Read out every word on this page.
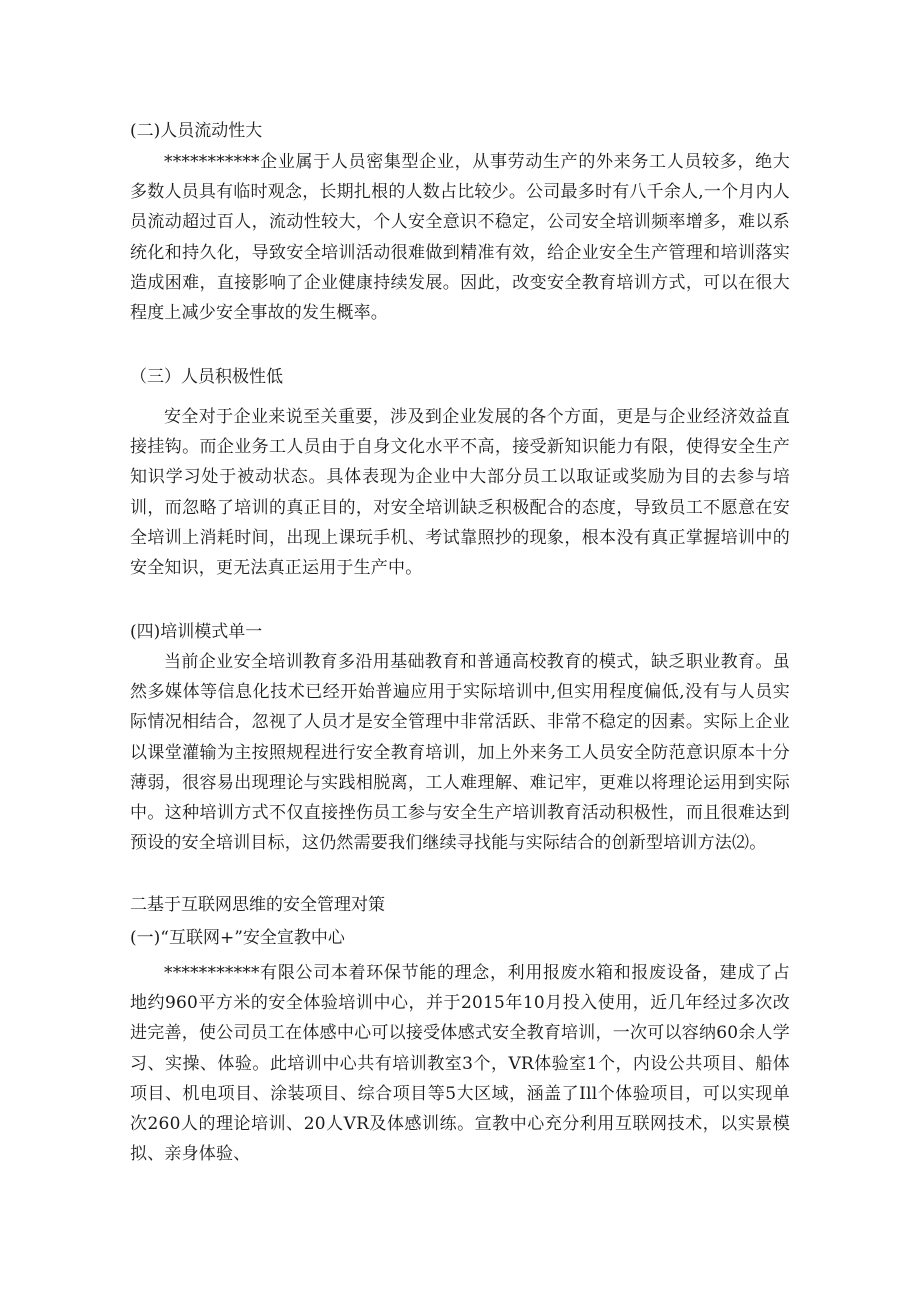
(二)人员流动性大
***********企业属于人员密集型企业，从事劳动生产的外来务工人员较多，绝大多数人员具有临时观念，长期扎根的人数占比较少。公司最多时有八千余人,一个月内人员流动超过百人，流动性较大，个人安全意识不稳定，公司安全培训频率增多，难以系统化和持久化，导致安全培训活动很难做到精准有效，给企业安全生产管理和培训落实造成困难，直接影响了企业健康持续发展。因此，改变安全教育培训方式，可以在很大程度上减少安全事故的发生概率。
（三）人员积极性低
安全对于企业来说至关重要，涉及到企业发展的各个方面，更是与企业经济效益直接挂钩。而企业务工人员由于自身文化水平不高，接受新知识能力有限，使得安全生产知识学习处于被动状态。具体表现为企业中大部分员工以取证或奖励为目的去参与培训，而忽略了培训的真正目的，对安全培训缺乏积极配合的态度，导致员工不愿意在安全培训上消耗时间，出现上课玩手机、考试靠照抄的现象，根本没有真正掌握培训中的安全知识，更无法真正运用于生产中。
(四)培训模式单一
当前企业安全培训教育多沿用基础教育和普通高校教育的模式，缺乏职业教育。虽然多媒体等信息化技术已经开始普遍应用于实际培训中,但实用程度偏低,没有与人员实际情况相结合，忽视了人员才是安全管理中非常活跃、非常不稳定的因素。实际上企业以课堂灌输为主按照规程进行安全教育培训，加上外来务工人员安全防范意识原本十分薄弱，很容易出现理论与实践相脱离，工人难理解、难记牢，更难以将理论运用到实际中。这种培训方式不仅直接挫伤员工参与安全生产培训教育活动积极性，而且很难达到预设的安全培训目标，这仍然需要我们继续寻找能与实际结合的创新型培训方法⑵。
二基于互联网思维的安全管理对策
(一)“互联网+”安全宣教中心
***********有限公司本着环保节能的理念，利用报废水箱和报废设备，建成了占地约960平方米的安全体验培训中心，并于2015年10月投入使用，近几年经过多次改进完善，使公司员工在体感中心可以接受体感式安全教育培训，一次可以容纳60余人学习、实操、体验。此培训中心共有培训教室3个，VR体验室1个，内设公共项目、船体项目、机电项目、涂装项目、综合项目等5大区域，涵盖了Ill个体验项目，可以实现单次260人的理论培训、20人VR及体感训练。宣教中心充分利用互联网技术，以实景模拟、亲身体验、
